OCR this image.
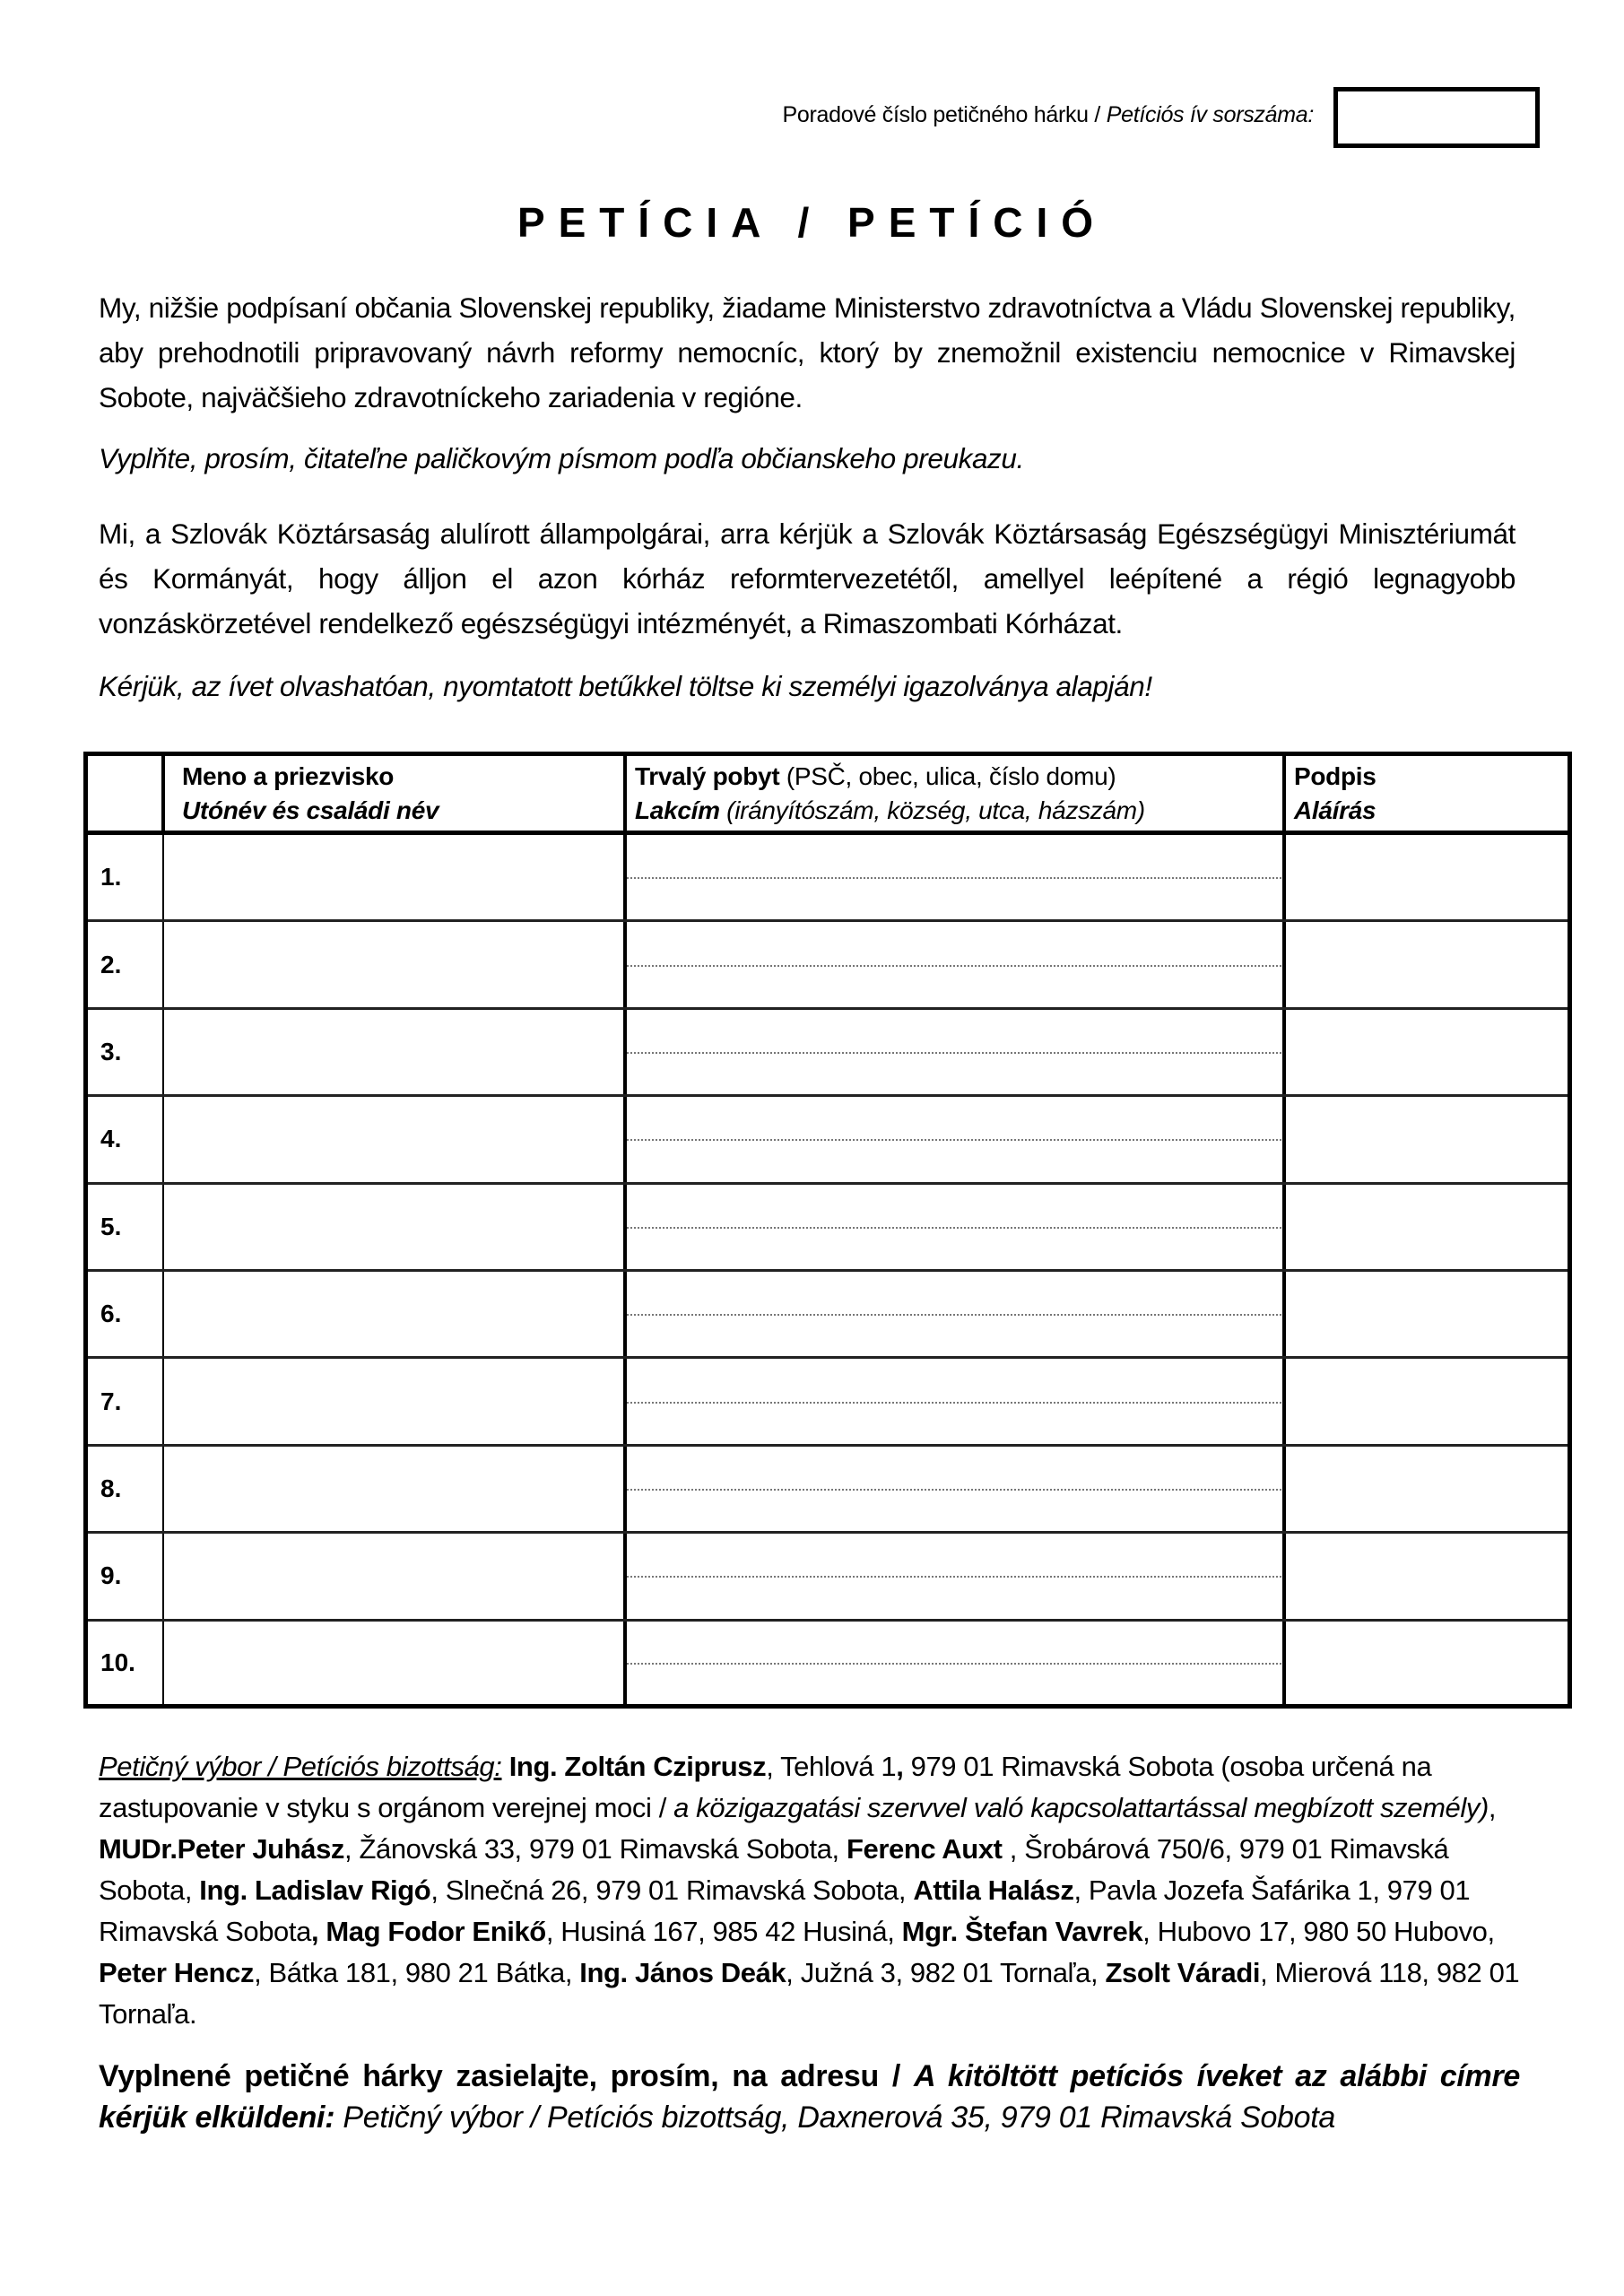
Poradové číslo petičného hárku / Petíciós ív sorszáma:
PETÍCIA / PETÍCIÓ
My, nižšie podpísaní občania Slovenskej republiky, žiadame Ministerstvo zdravotníctva a Vládu Slovenskej republiky, aby prehodnotili pripravovaný návrh reformy nemocníc, ktorý by znemožnil existenciu nemocnice v Rimavskej Sobote, najväčšieho zdravotníckeho zariadenia v regióne.
Vyplňte, prosím, čitateľne paličkovým písmom podľa občianskeho preukazu.
Mi, a Szlovák Köztársaság alulírott állampolgárai, arra kérjük a Szlovák Köztársaság Egészségügyi Minisztériumát és Kormányát, hogy álljon el azon kórház reformtervezetétől, amellyel leépítené a régió legnagyobb vonzáskörzetével rendelkező egészségügyi intézményét, a Rimaszombati Kórházat.
Kérjük, az ívet olvashatóan, nyomtatott betűkkel töltse ki személyi igazolványa alapján!
Meno a priezvisko
Utónév és családi név
Trvalý pobyt (PSČ, obec, ulica, číslo domu)
Lakcím (irányítószám, község, utca, házszám)
Podpis
Aláírás
1.
2.
3.
4.
5.
6.
7.
8.
9.
10.
Petičný výbor / Petíciós bizottság: Ing. Zoltán Cziprusz, Tehlová 1, 979 01 Rimavská Sobota (osoba určená na zastupovanie v styku s orgánom verejnej moci / a közigazgatási szervvel való kapcsolattartással megbízott személy), MUDr.Peter Juhász, Žánovská 33, 979 01 Rimavská Sobota, Ferenc Auxt , Šrobárová 750/6, 979 01 Rimavská Sobota, Ing. Ladislav Rigó, Slnečná 26, 979 01 Rimavská Sobota, Attila Halász, Pavla Jozefa Šafárika 1, 979 01 Rimavská Sobota, Mag Fodor Enikő, Husiná 167, 985 42 Husiná, Mgr. Štefan Vavrek, Hubovo 17, 980 50 Hubovo, Peter Hencz, Bátka 181, 980 21 Bátka, Ing. János Deák, Južná 3, 982 01 Tornaľa, Zsolt Váradi, Mierová 118, 982 01 Tornaľa.
Vyplnené petičné hárky zasielajte, prosím, na adresu / A kitöltött petíciós íveket az alábbi címre kérjük elküldeni: Petičný výbor / Petíciós bizottság, Daxnerová 35, 979 01 Rimavská Sobota
